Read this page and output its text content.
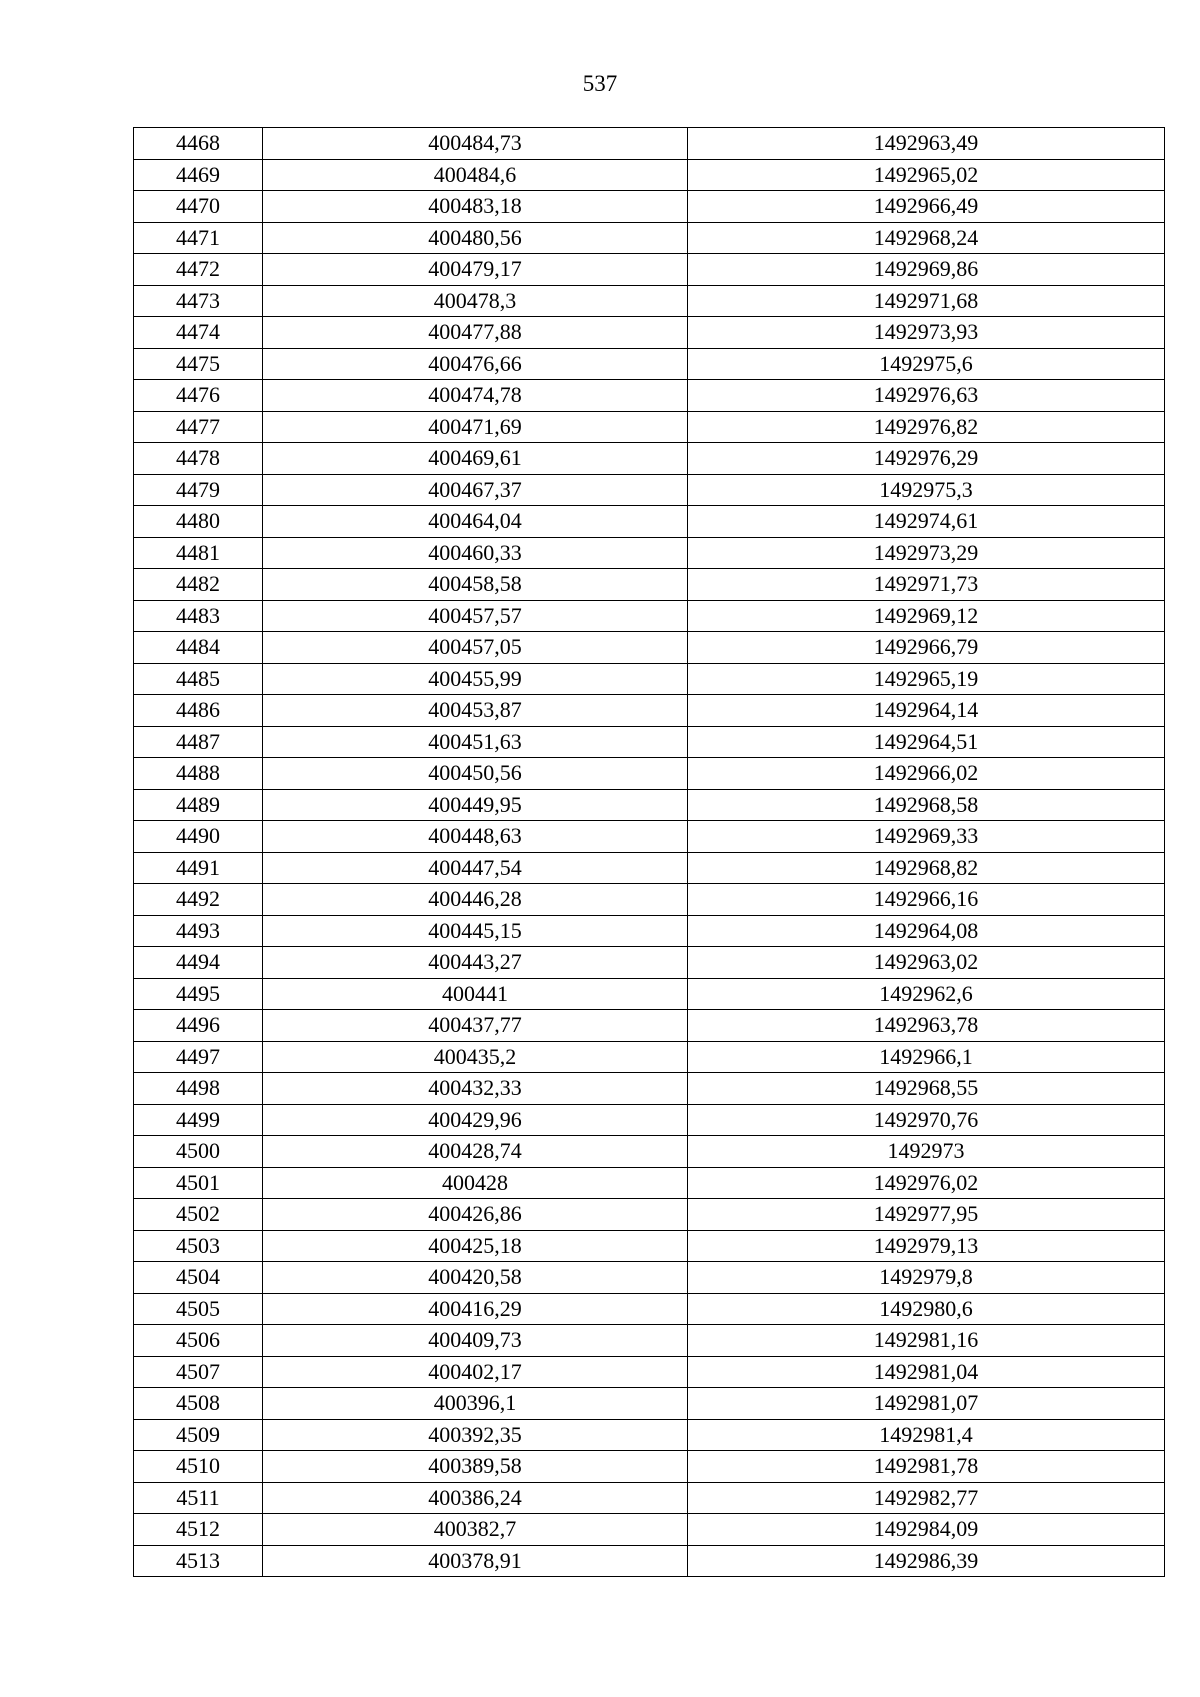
537
4468	400484,73	1492963,49
4469	400484,6	1492965,02
4470	400483,18	1492966,49
4471	400480,56	1492968,24
4472	400479,17	1492969,86
4473	400478,3	1492971,68
4474	400477,88	1492973,93
4475	400476,66	1492975,6
4476	400474,78	1492976,63
4477	400471,69	1492976,82
4478	400469,61	1492976,29
4479	400467,37	1492975,3
4480	400464,04	1492974,61
4481	400460,33	1492973,29
4482	400458,58	1492971,73
4483	400457,57	1492969,12
4484	400457,05	1492966,79
4485	400455,99	1492965,19
4486	400453,87	1492964,14
4487	400451,63	1492964,51
4488	400450,56	1492966,02
4489	400449,95	1492968,58
4490	400448,63	1492969,33
4491	400447,54	1492968,82
4492	400446,28	1492966,16
4493	400445,15	1492964,08
4494	400443,27	1492963,02
4495	400441	1492962,6
4496	400437,77	1492963,78
4497	400435,2	1492966,1
4498	400432,33	1492968,55
4499	400429,96	1492970,76
4500	400428,74	1492973
4501	400428	1492976,02
4502	400426,86	1492977,95
4503	400425,18	1492979,13
4504	400420,58	1492979,8
4505	400416,29	1492980,6
4506	400409,73	1492981,16
4507	400402,17	1492981,04
4508	400396,1	1492981,07
4509	400392,35	1492981,4
4510	400389,58	1492981,78
4511	400386,24	1492982,77
4512	400382,7	1492984,09
4513	400378,91	1492986,39
